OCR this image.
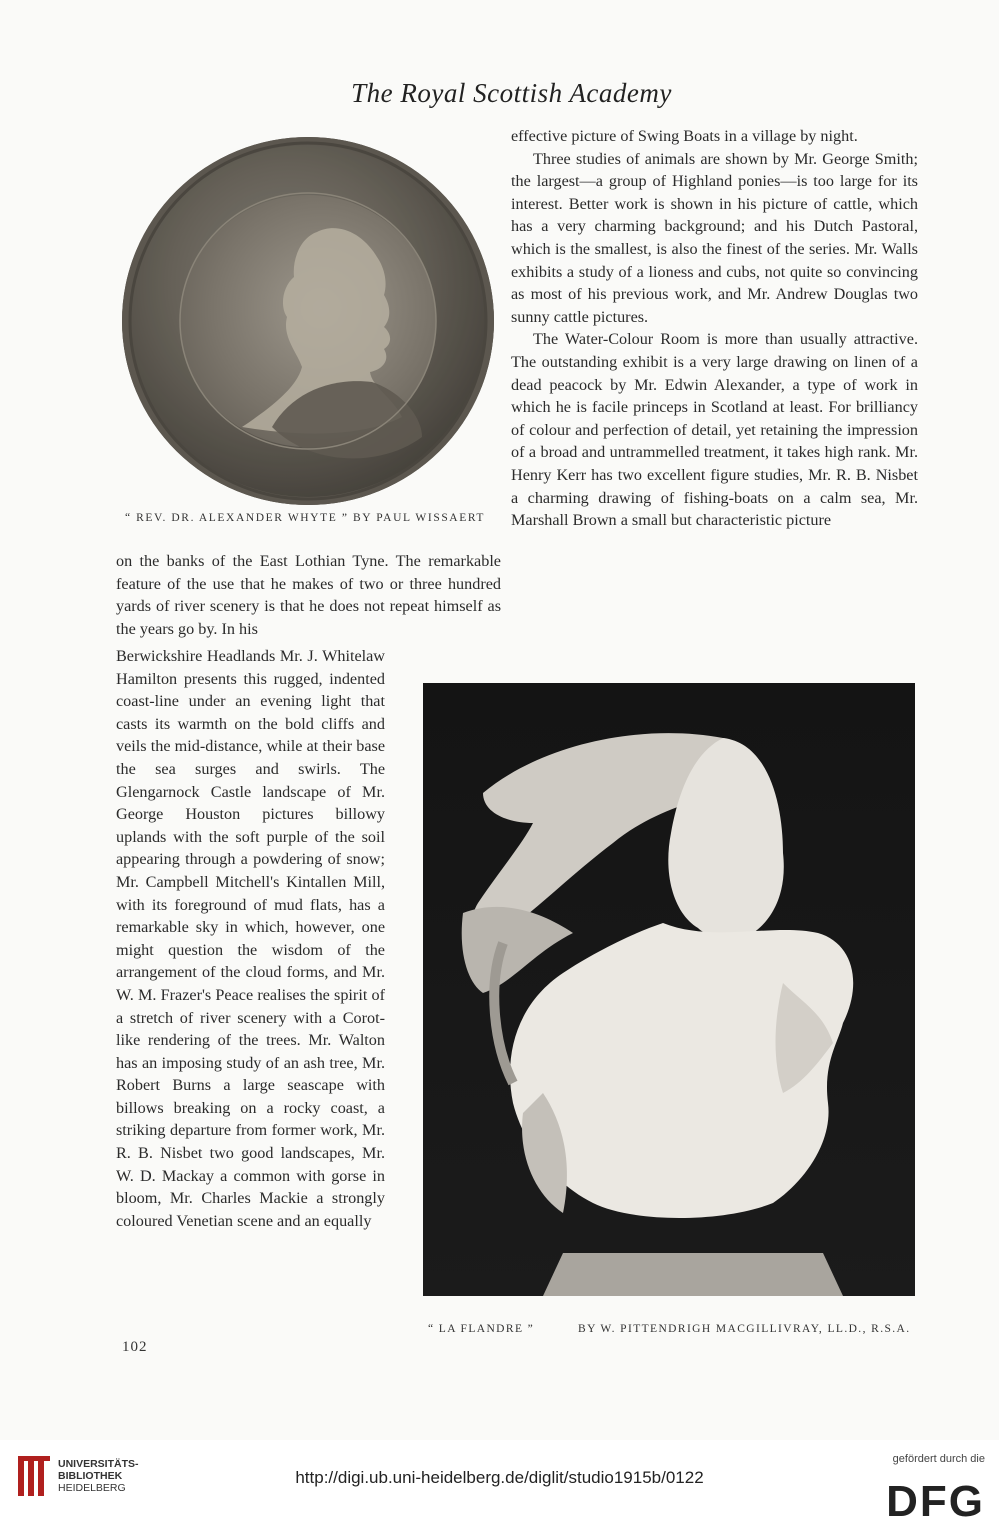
The Royal Scottish Academy
“ REV. DR. ALEXANDER WHYTE ” BY PAUL WISSAERT

effective picture of Swing Boats in a village by night.

Three studies of animals are shown by Mr. George Smith; the largest—a group of Highland ponies—is too large for its interest. Better work is shown in his picture of cattle, which has a very charming background; and his Dutch Pastoral, which is the smallest, is also the finest of the series. Mr. Walls exhibits a study of a lioness and cubs, not quite so convincing as most of his previous work, and Mr. Andrew Douglas two sunny cattle pictures.

The Water-Colour Room is more than usually attractive. The outstanding exhibit is a very large drawing on linen of a dead peacock by Mr. Edwin Alexander, a type of work in which he is facile princeps in Scotland at least. For brilliancy of colour and perfection of detail, yet retaining the impression of a broad and untrammelled treatment, it takes high rank. Mr. Henry Kerr has two excellent figure studies, Mr. R. B. Nisbet a charming drawing of fishing-boats on a calm sea, Mr. Marshall Brown a small but characteristic picture

on the banks of the East Lothian Tyne. The remarkable feature of the use that he makes of two or three hundred yards of river scenery is that he does not repeat himself as the years go by. In his

Berwickshire Headlands Mr. J. Whitelaw Hamilton presents this rugged, indented coast-line under an evening light that casts its warmth on the bold cliffs and veils the mid-distance, while at their base the sea surges and swirls. The Glengarnock Castle landscape of Mr. George Houston pictures billowy uplands with the soft purple of the soil appearing through a powdering of snow; Mr. Campbell Mitchell's Kintallen Mill, with its foreground of mud flats, has a remarkable sky in which, however, one might question the wisdom of the arrangement of the cloud forms, and Mr. W. M. Frazer's Peace realises the spirit of a stretch of river scenery with a Corot-like rendering of the trees. Mr. Walton has an imposing study of an ash tree, Mr. Robert Burns a large seascape with billows breaking on a rocky coast, a striking departure from former work, Mr. R. B. Nisbet two good landscapes, Mr. W. D. Mackay a common with gorse in bloom, Mr. Charles Mackie a strongly coloured Venetian scene and an equally

“ LA FLANDRE ”	BY W. PITTENDRIGH MACGILLIVRAY, LL.D., R.S.A.
102
UNIVERSITÄTS-
BIBLIOTHEK
HEIDELBERG
http://digi.ub.uni-heidelberg.de/diglit/studio1915b/0122
gefördert durch die
DFG
